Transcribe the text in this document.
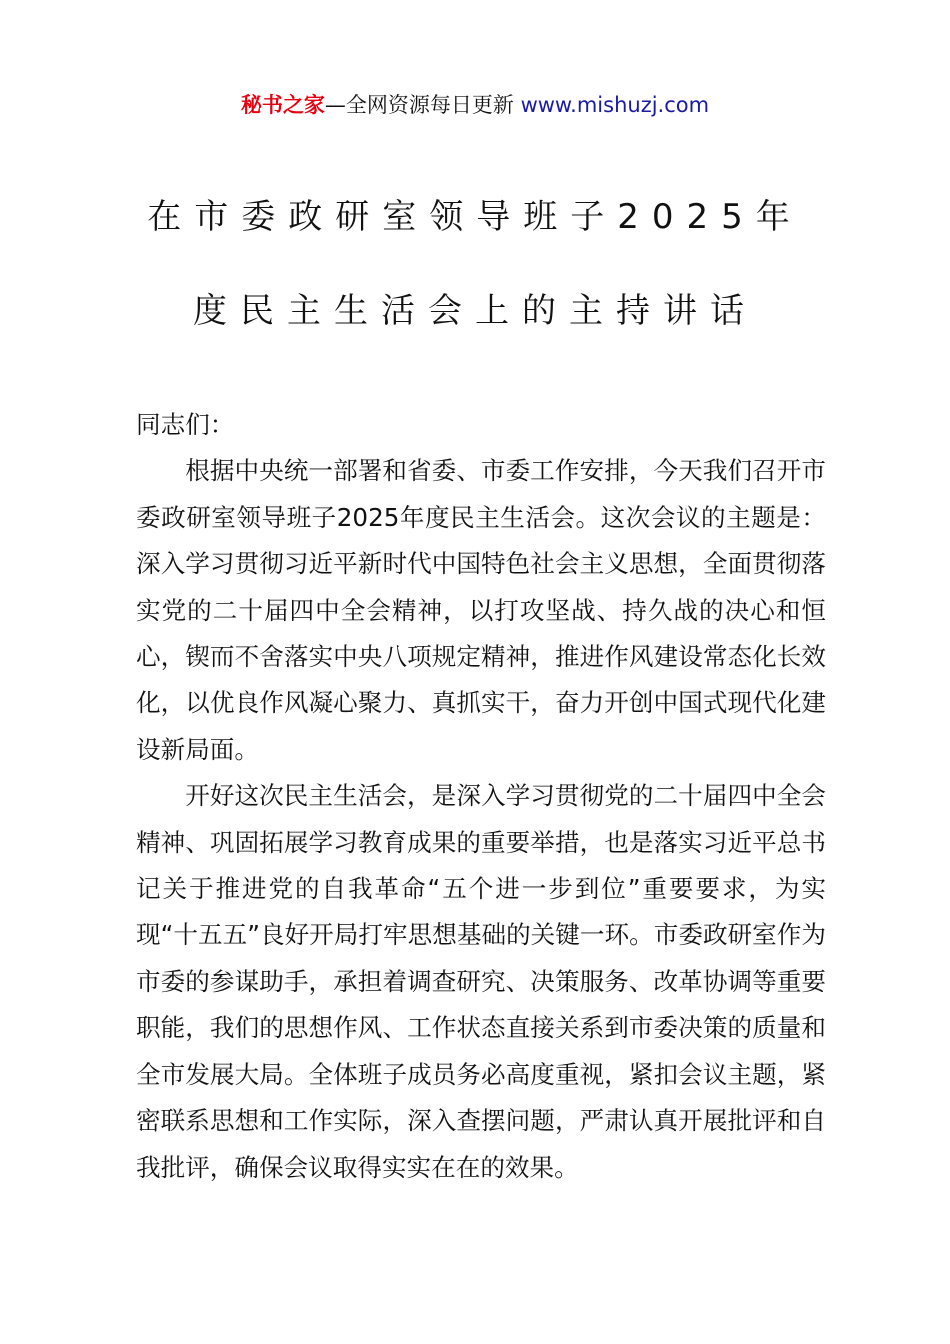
秘书之家—全网资源每日更新 www.mishuzj.com
在市委政研室领导班子2025年
度民主生活会上的主持讲话

同志们：

根据中央统一部署和省委、市委工作安排，今天我们召开市委政研室领导班子2025年度民主生活会。这次会议的主题是：深入学习贯彻习近平新时代中国特色社会主义思想，全面贯彻落实党的二十届四中全会精神，以打攻坚战、持久战的决心和恒心，锲而不舍落实中央八项规定精神，推进作风建设常态化长效化，以优良作风凝心聚力、真抓实干，奋力开创中国式现代化建设新局面。

开好这次民主生活会，是深入学习贯彻党的二十届四中全会精神、巩固拓展学习教育成果的重要举措，也是落实习近平总书记关于推进党的自我革命“五个进一步到位”重要要求，为实现“十五五”良好开局打牢思想基础的关键一环。市委政研室作为市委的参谋助手，承担着调查研究、决策服务、改革协调等重要职能，我们的思想作风、工作状态直接关系到市委决策的质量和全市发展大局。全体班子成员务必高度重视，紧扣会议主题，紧密联系思想和工作实际，深入查摆问题，严肃认真开展批评和自我批评，确保会议取得实实在在的效果。
